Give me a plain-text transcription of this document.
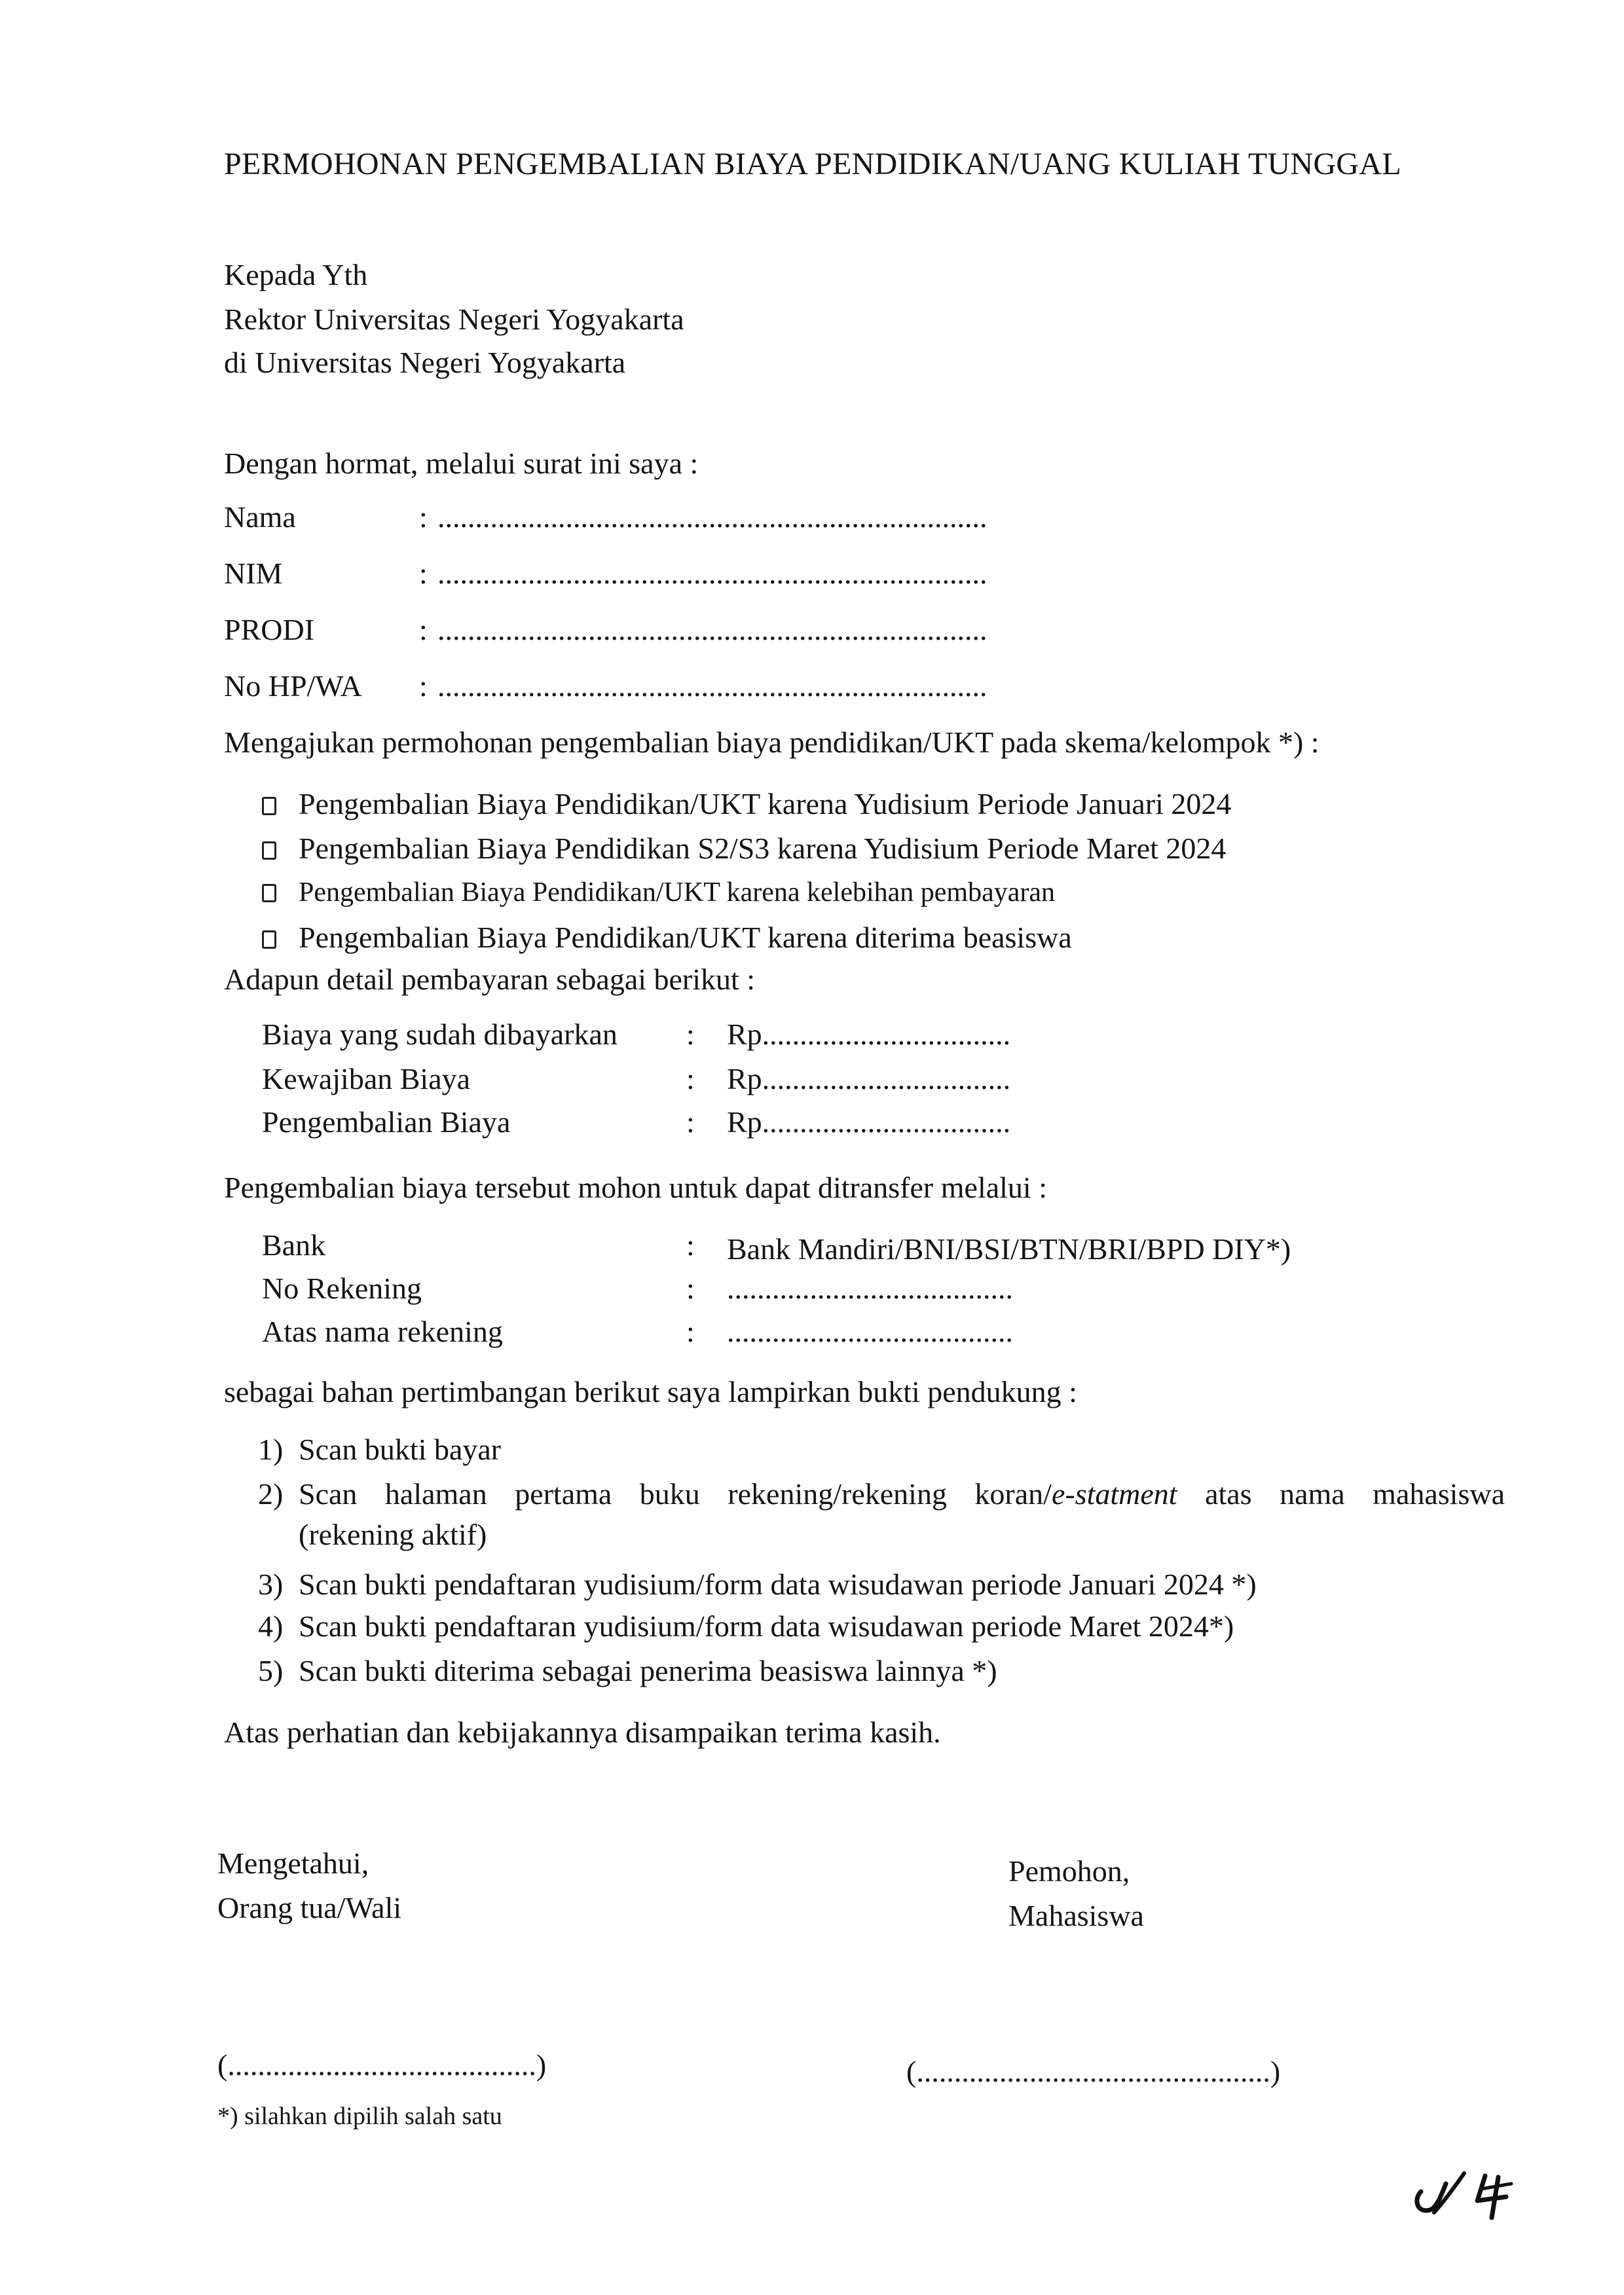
PERMOHONAN PENGEMBALIAN BIAYA PENDIDIKAN/UANG KULIAH TUNGGAL
Kepada Yth
Rektor Universitas Negeri Yogyakarta
di Universitas Negeri Yogyakarta
Dengan hormat, melalui surat ini saya :
Nama	: .........................................................................
NIM	: .........................................................................
PRODI	: .........................................................................
No HP/WA : .........................................................................
Mengajukan permohonan pengembalian biaya pendidikan/UKT pada skema/kelompok *) :
Pengembalian Biaya Pendidikan/UKT karena Yudisium Periode Januari 2024
Pengembalian Biaya Pendidikan S2/S3 karena Yudisium Periode Maret 2024
Pengembalian Biaya Pendidikan/UKT karena kelebihan pembayaran
Pengembalian Biaya Pendidikan/UKT karena diterima beasiswa
Adapun detail pembayaran sebagai berikut :
Biaya yang sudah dibayarkan : Rp.................................
Kewajiban Biaya	: Rp.................................
Pengembalian Biaya	: Rp.................................
Pengembalian biaya tersebut mohon untuk dapat ditransfer melalui :
Bank	: Bank Mandiri/BNI/BSI/BTN/BRI/BPD DIY*)
No Rekening	: ......................................
Atas nama rekening	: ......................................
sebagai bahan pertimbangan berikut saya lampirkan bukti pendukung :
1) Scan bukti bayar
2) Scan halaman pertama buku rekening/rekening koran/e-statment atas nama mahasiswa
(rekening aktif)
3) Scan bukti pendaftaran yudisium/form data wisudawan periode Januari 2024 *)
4) Scan bukti pendaftaran yudisium/form data wisudawan periode Maret 2024*)
5) Scan bukti diterima sebagai penerima beasiswa lainnya *)
Atas perhatian dan kebijakannya disampaikan terima kasih.
Mengetahui,
Orang tua/Wali
Pemohon,
Mahasiswa
(.........................................)	(...............................................)
*) silahkan dipilih salah satu
